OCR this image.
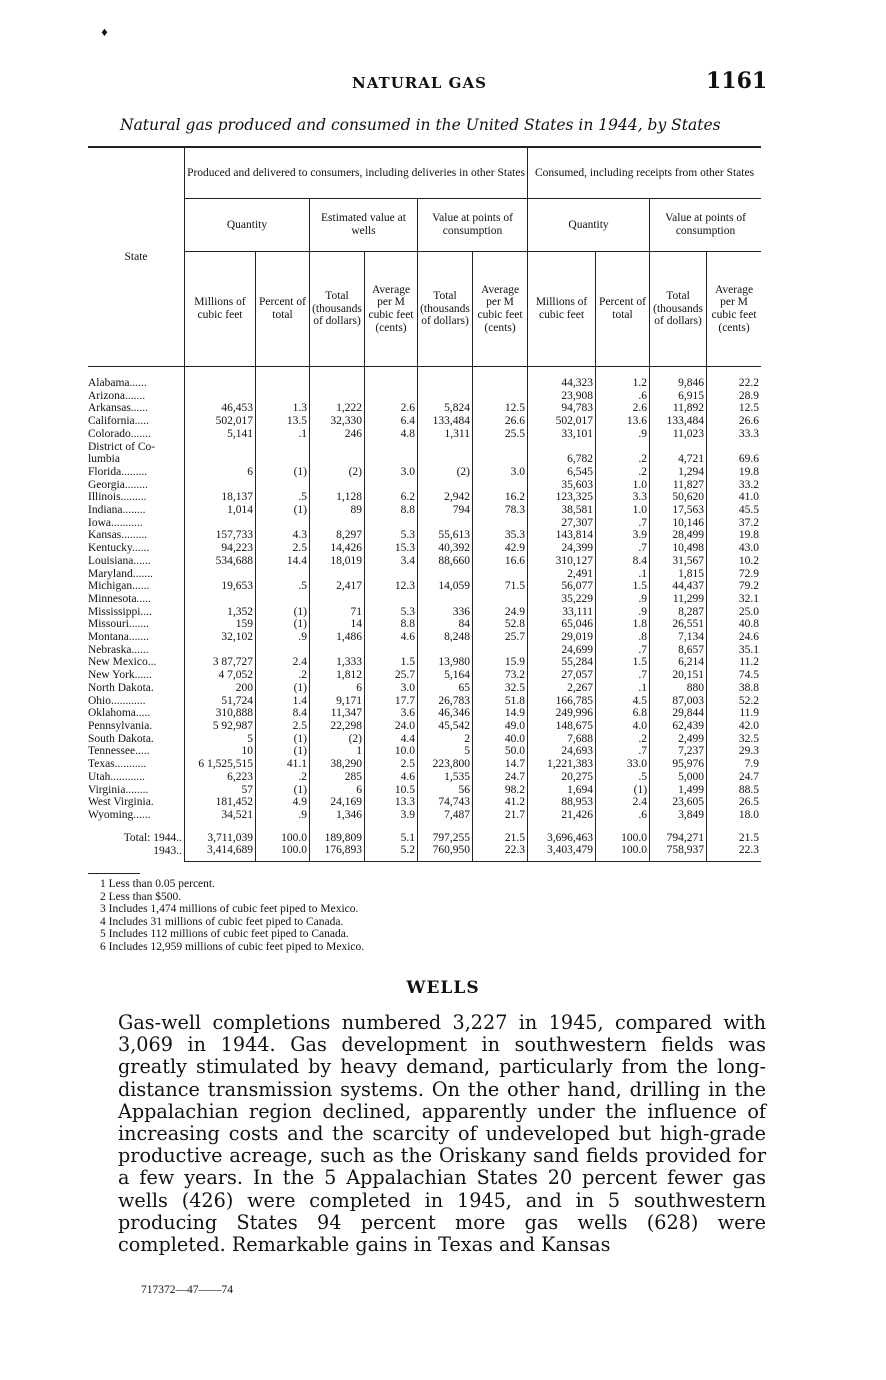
♦
NATURAL GAS	1161
Natural gas produced and consumed in the United States in 1944, by States
State	Produced and delivered to consumers, including deliveries in other States						Consumed, including receipts from other States			
	Quantity		Estimated value at wells		Value at points of consumption		Quantity		Value at points of consumption	
	Millions of cubic feet	Percent of total	Total (thousands of dollars)	Average per M cubic feet (cents)	Total (thousands of dollars)	Average per M cubic feet (cents)	Millions of cubic feet	Percent of total	Total (thousands of dollars)	Average per M cubic feet (cents)
Alabama......							44,323	1.2	9,846	22.2
Arizona.......							23,908	.6	6,915	28.9
Arkansas......	46,453	1.3	1,222	2.6	5,824	12.5	94,783	2.6	11,892	12.5
California.....	502,017	13.5	32,330	6.4	133,484	26.6	502,017	13.6	133,484	26.6
Colorado.......	5,141	.1	246	4.8	1,311	25.5	33,101	.9	11,023	33.3
District of Co-										
lumbia							6,782	.2	4,721	69.6
Florida.........	6	(1)	(2)	3.0	(2)	3.0	6,545	.2	1,294	19.8
Georgia........							35,603	1.0	11,827	33.2
Illinois.........	18,137	.5	1,128	6.2	2,942	16.2	123,325	3.3	50,620	41.0
Indiana........	1,014	(1)	89	8.8	794	78.3	38,581	1.0	17,563	45.5
Iowa...........							27,307	.7	10,146	37.2
Kansas.........	157,733	4.3	8,297	5.3	55,613	35.3	143,814	3.9	28,499	19.8
Kentucky......	94,223	2.5	14,426	15.3	40,392	42.9	24,399	.7	10,498	43.0
Louisiana......	534,688	14.4	18,019	3.4	88,660	16.6	310,127	8.4	31,567	10.2
Maryland.......							2,491	.1	1,815	72.9
Michigan......	19,653	.5	2,417	12.3	14,059	71.5	56,077	1.5	44,437	79.2
Minnesota.....							35,229	.9	11,299	32.1
Mississippi....	1,352	(1)	71	5.3	336	24.9	33,111	.9	8,287	25.0
Missouri.......	159	(1)	14	8.8	84	52.8	65,046	1.8	26,551	40.8
Montana.......	32,102	.9	1,486	4.6	8,248	25.7	29,019	.8	7,134	24.6
Nebraska......							24,699	.7	8,657	35.1
New Mexico...	3 87,727	2.4	1,333	1.5	13,980	15.9	55,284	1.5	6,214	11.2
New York......	4 7,052	.2	1,812	25.7	5,164	73.2	27,057	.7	20,151	74.5
North Dakota.	200	(1)	6	3.0	65	32.5	2,267	.1	880	38.8
Ohio............	51,724	1.4	9,171	17.7	26,783	51.8	166,785	4.5	87,003	52.2
Oklahoma.....	310,888	8.4	11,347	3.6	46,346	14.9	249,996	6.8	29,844	11.9
Pennsylvania.	5 92,987	2.5	22,298	24.0	45,542	49.0	148,675	4.0	62,439	42.0
South Dakota.	5	(1)	(2)	4.4	2	40.0	7,688	.2	2,499	32.5
Tennessee.....	10	(1)	1	10.0	5	50.0	24,693	.7	7,237	29.3
Texas...........	6 1,525,515	41.1	38,290	2.5	223,800	14.7	1,221,383	33.0	95,976	7.9
Utah............	6,223	.2	285	4.6	1,535	24.7	20,275	.5	5,000	24.7
Virginia........	57	(1)	6	10.5	56	98.2	1,694	(1)	1,499	88.5
West Virginia.	181,452	4.9	24,169	13.3	74,743	41.2	88,953	2.4	23,605	26.5
Wyoming......	34,521	.9	1,346	3.9	7,487	21.7	21,426	.6	3,849	18.0
Total: 1944..	3,711,039	100.0	189,809	5.1	797,255	21.5	3,696,463	100.0	794,271	21.5
1943..	3,414,689	100.0	176,893	5.2	760,950	22.3	3,403,479	100.0	758,937	22.3
1 Less than 0.05 percent.
2 Less than $500.
3 Includes 1,474 millions of cubic feet piped to Mexico.
4 Includes 31 millions of cubic feet piped to Canada.
5 Includes 112 millions of cubic feet piped to Canada.
6 Includes 12,959 millions of cubic feet piped to Mexico.
WELLS
Gas-well completions numbered 3,227 in 1945, compared with 3,069 in 1944. Gas development in southwestern fields was greatly stimulated by heavy demand, particularly from the long-distance transmission systems. On the other hand, drilling in the Appalachian region declined, apparently under the influence of increasing costs and the scarcity of undeveloped but high-grade productive acreage, such as the Oriskany sand fields provided for a few years. In the 5 Appalachian States 20 percent fewer gas wells (426) were completed in 1945, and in 5 southwestern producing States 94 percent more gas wells (628) were completed. Remarkable gains in Texas and Kansas
717372—47——74
